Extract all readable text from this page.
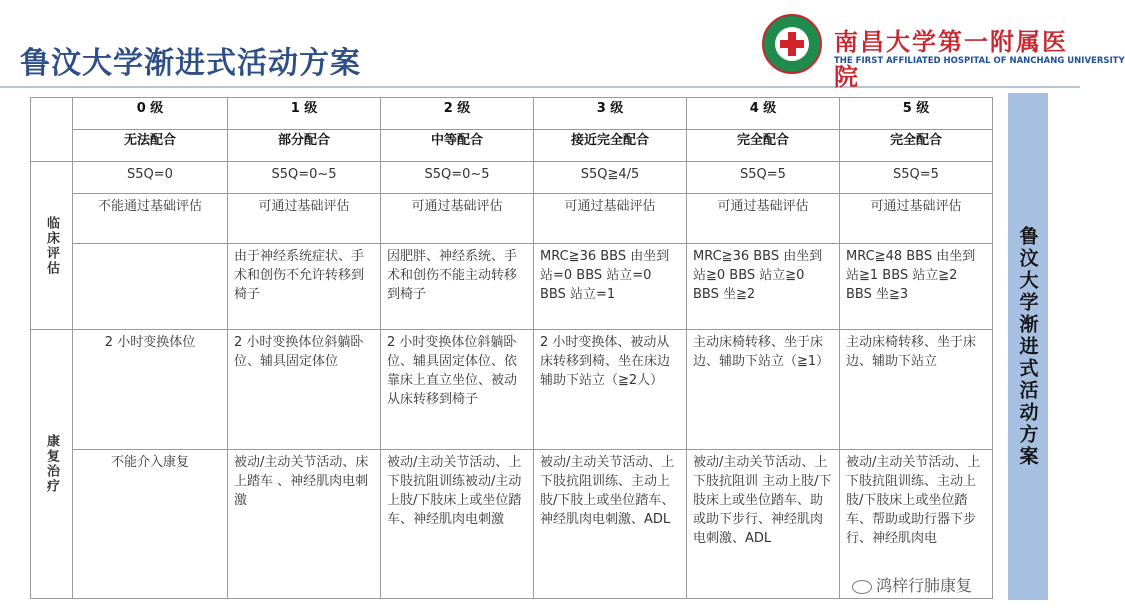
鲁汶大学渐进式活动方案
南昌大学第一附属医院
THE FIRST AFFILIATED HOSPITAL OF NANCHANG UNIVERSITY
	0 级	1 级	2 级	3 级	4 级	5 级
	无法配合	部分配合	中等配合	接近完全配合	完全配合	完全配合
临床评估	S5Q=0	S5Q=0~5	S5Q=0~5	S5Q≧4/5	S5Q=5	S5Q=5
	不能通过基础评估	可通过基础评估	可通过基础评估	可通过基础评估	可通过基础评估	可通过基础评估
		由于神经系统症状、手术和创伤不允许转移到椅子	因肥胖、神经系统、手术和创伤不能主动转移到椅子	MRC≧36 BBS 由坐到站=0 BBS 站立=0 BBS 站立=1	MRC≧36 BBS 由坐到站≧0 BBS 站立≧0 BBS 坐≧2	MRC≧48 BBS 由坐到站≧1 BBS 站立≧2 BBS 坐≧3
康复治疗	2 小时变换体位	2 小时变换体位斜躺卧位、辅具固定体位	2 小时变换体位斜躺卧位、辅具固定体位、依靠床上直立坐位、被动从床转移到椅子	2 小时变换体、被动从床转移到椅、坐在床边辅助下站立（≧2人）	主动床椅转移、坐于床边、辅助下站立（≧1）	主动床椅转移、坐于床边、辅助下站立
	不能介入康复	被动/主动关节活动、床上踏车 、神经肌肉电刺激	被动/主动关节活动、上下肢抗阻训练被动/主动上肢/下肢床上或坐位踏车、神经肌肉电刺激	被动/主动关节活动、上下肢抗阻训练、主动上肢/下肢上或坐位踏车、神经肌肉电刺激、ADL	被动/主动关节活动、上下肢抗阻训 主动上肢/下肢床上或坐位踏车、助或助下步行、神经肌肉电刺激、ADL	被动/主动关节活动、上下肢抗阻训练、主动上肢/下肢床上或坐位踏车、帮助或助行器下步行、神经肌肉电
鲁汶大学渐进式活动方案
鸿梓行肺康复
